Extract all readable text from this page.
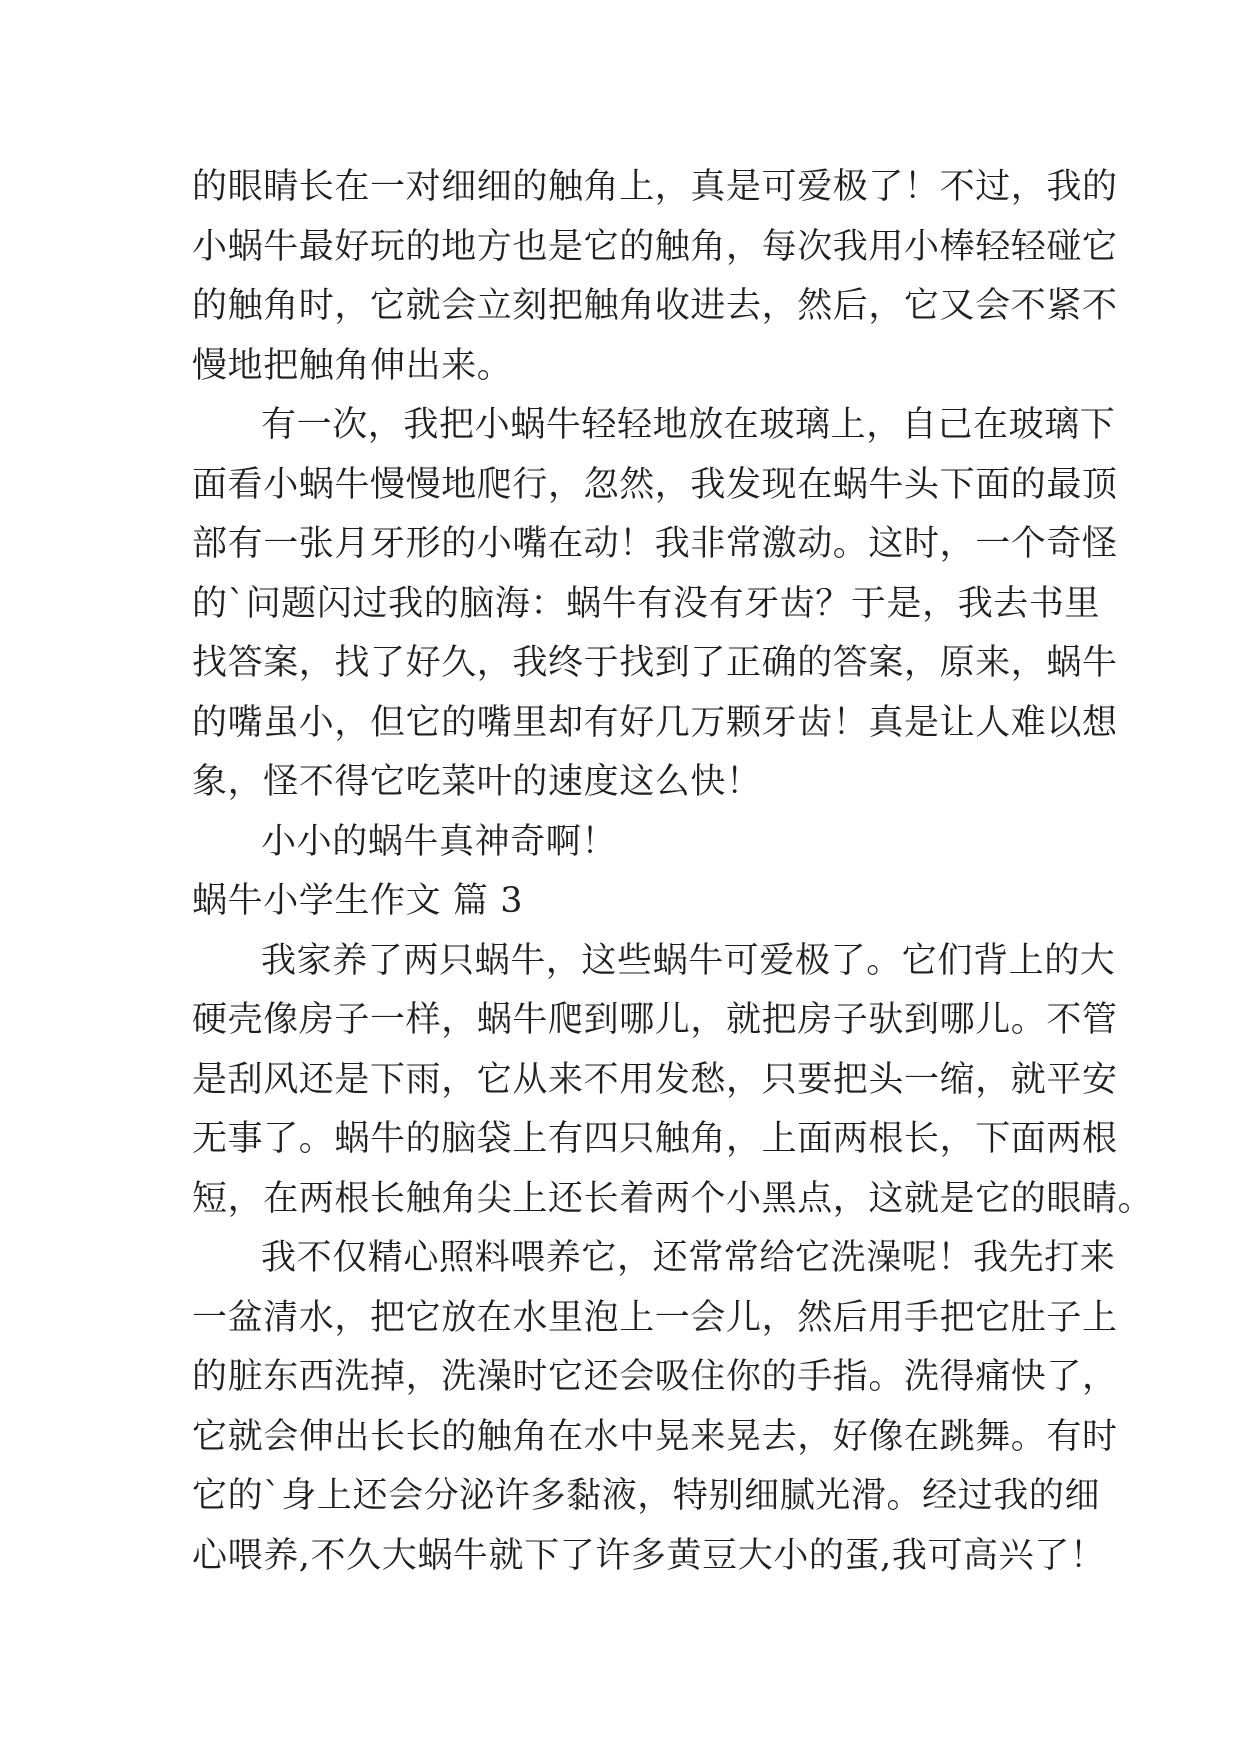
的眼睛长在一对细细的触角上，真是可爱极了！不过，我的
小蜗牛最好玩的地方也是它的触角，每次我用小棒轻轻碰它
的触角时，它就会立刻把触角收进去，然后，它又会不紧不
慢地把触角伸出来。
有一次，我把小蜗牛轻轻地放在玻璃上，自己在玻璃下
面看小蜗牛慢慢地爬行，忽然，我发现在蜗牛头下面的最顶
部有一张月牙形的小嘴在动！我非常激动。这时，一个奇怪
的`问题闪过我的脑海：蜗牛有没有牙齿？于是，我去书里
找答案，找了好久，我终于找到了正确的答案，原来，蜗牛
的嘴虽小，但它的嘴里却有好几万颗牙齿！真是让人难以想
象，怪不得它吃菜叶的速度这么快！
小小的蜗牛真神奇啊！
蜗牛小学生作文 篇 3
我家养了两只蜗牛，这些蜗牛可爱极了。它们背上的大
硬壳像房子一样，蜗牛爬到哪儿，就把房子驮到哪儿。不管
是刮风还是下雨，它从来不用发愁，只要把头一缩，就平安
无事了。蜗牛的脑袋上有四只触角，上面两根长，下面两根
短，在两根长触角尖上还长着两个小黑点，这就是它的眼睛。
我不仅精心照料喂养它，还常常给它洗澡呢！我先打来
一盆清水，把它放在水里泡上一会儿，然后用手把它肚子上
的脏东西洗掉，洗澡时它还会吸住你的手指。洗得痛快了，
它就会伸出长长的触角在水中晃来晃去，好像在跳舞。有时
它的`身上还会分泌许多黏液，特别细腻光滑。经过我的细
心喂养,不久大蜗牛就下了许多黄豆大小的蛋,我可高兴了！
